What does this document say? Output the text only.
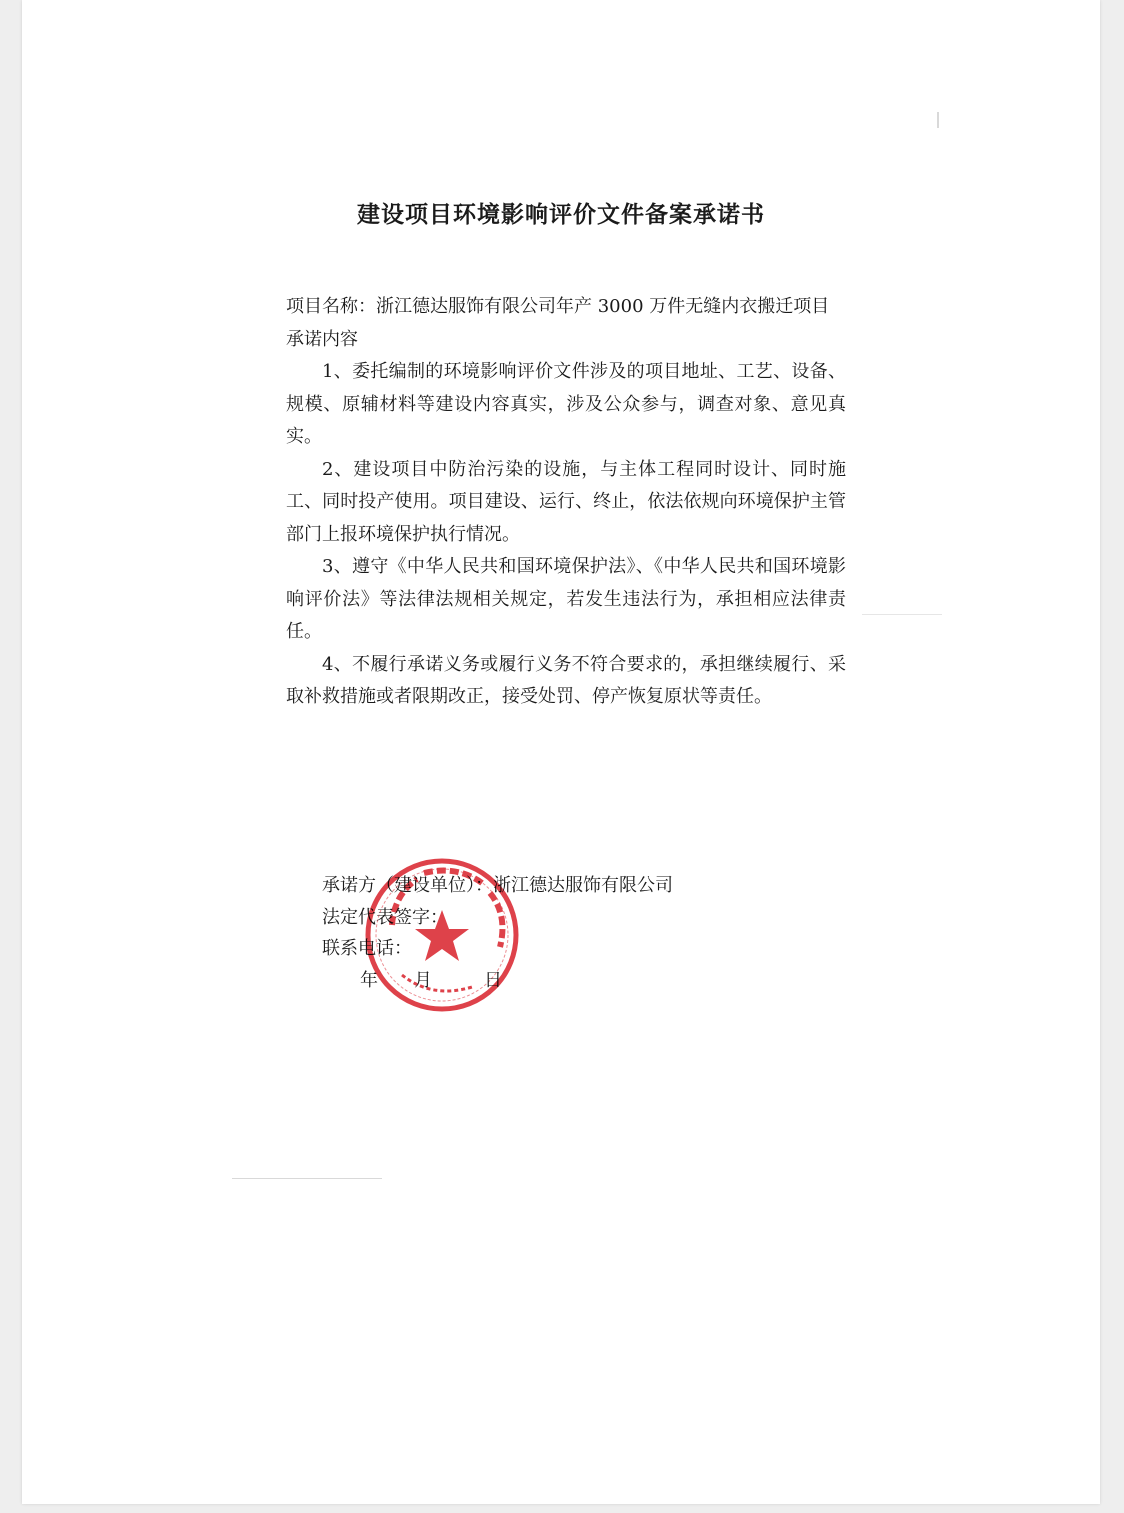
建设项目环境影响评价文件备案承诺书

项目名称：浙江德达服饰有限公司年产 3000 万件无缝内衣搬迁项目

承诺内容

1、委托编制的环境影响评价文件涉及的项目地址、工艺、设备、规模、原辅材料等建设内容真实，涉及公众参与，调查对象、意见真实。

2、建设项目中防治污染的设施，与主体工程同时设计、同时施工、同时投产使用。项目建设、运行、终止，依法依规向环境保护主管部门上报环境保护执行情况。

3、遵守《中华人民共和国环境保护法》、《中华人民共和国环境影响评价法》等法律法规相关规定，若发生违法行为，承担相应法律责任。

4、不履行承诺义务或履行义务不符合要求的，承担继续履行、采取补救措施或者限期改正，接受处罚、停产恢复原状等责任。

承诺方（建设单位）：浙江德达服饰有限公司
法定代表签字：
联系电话：
年 月	日
